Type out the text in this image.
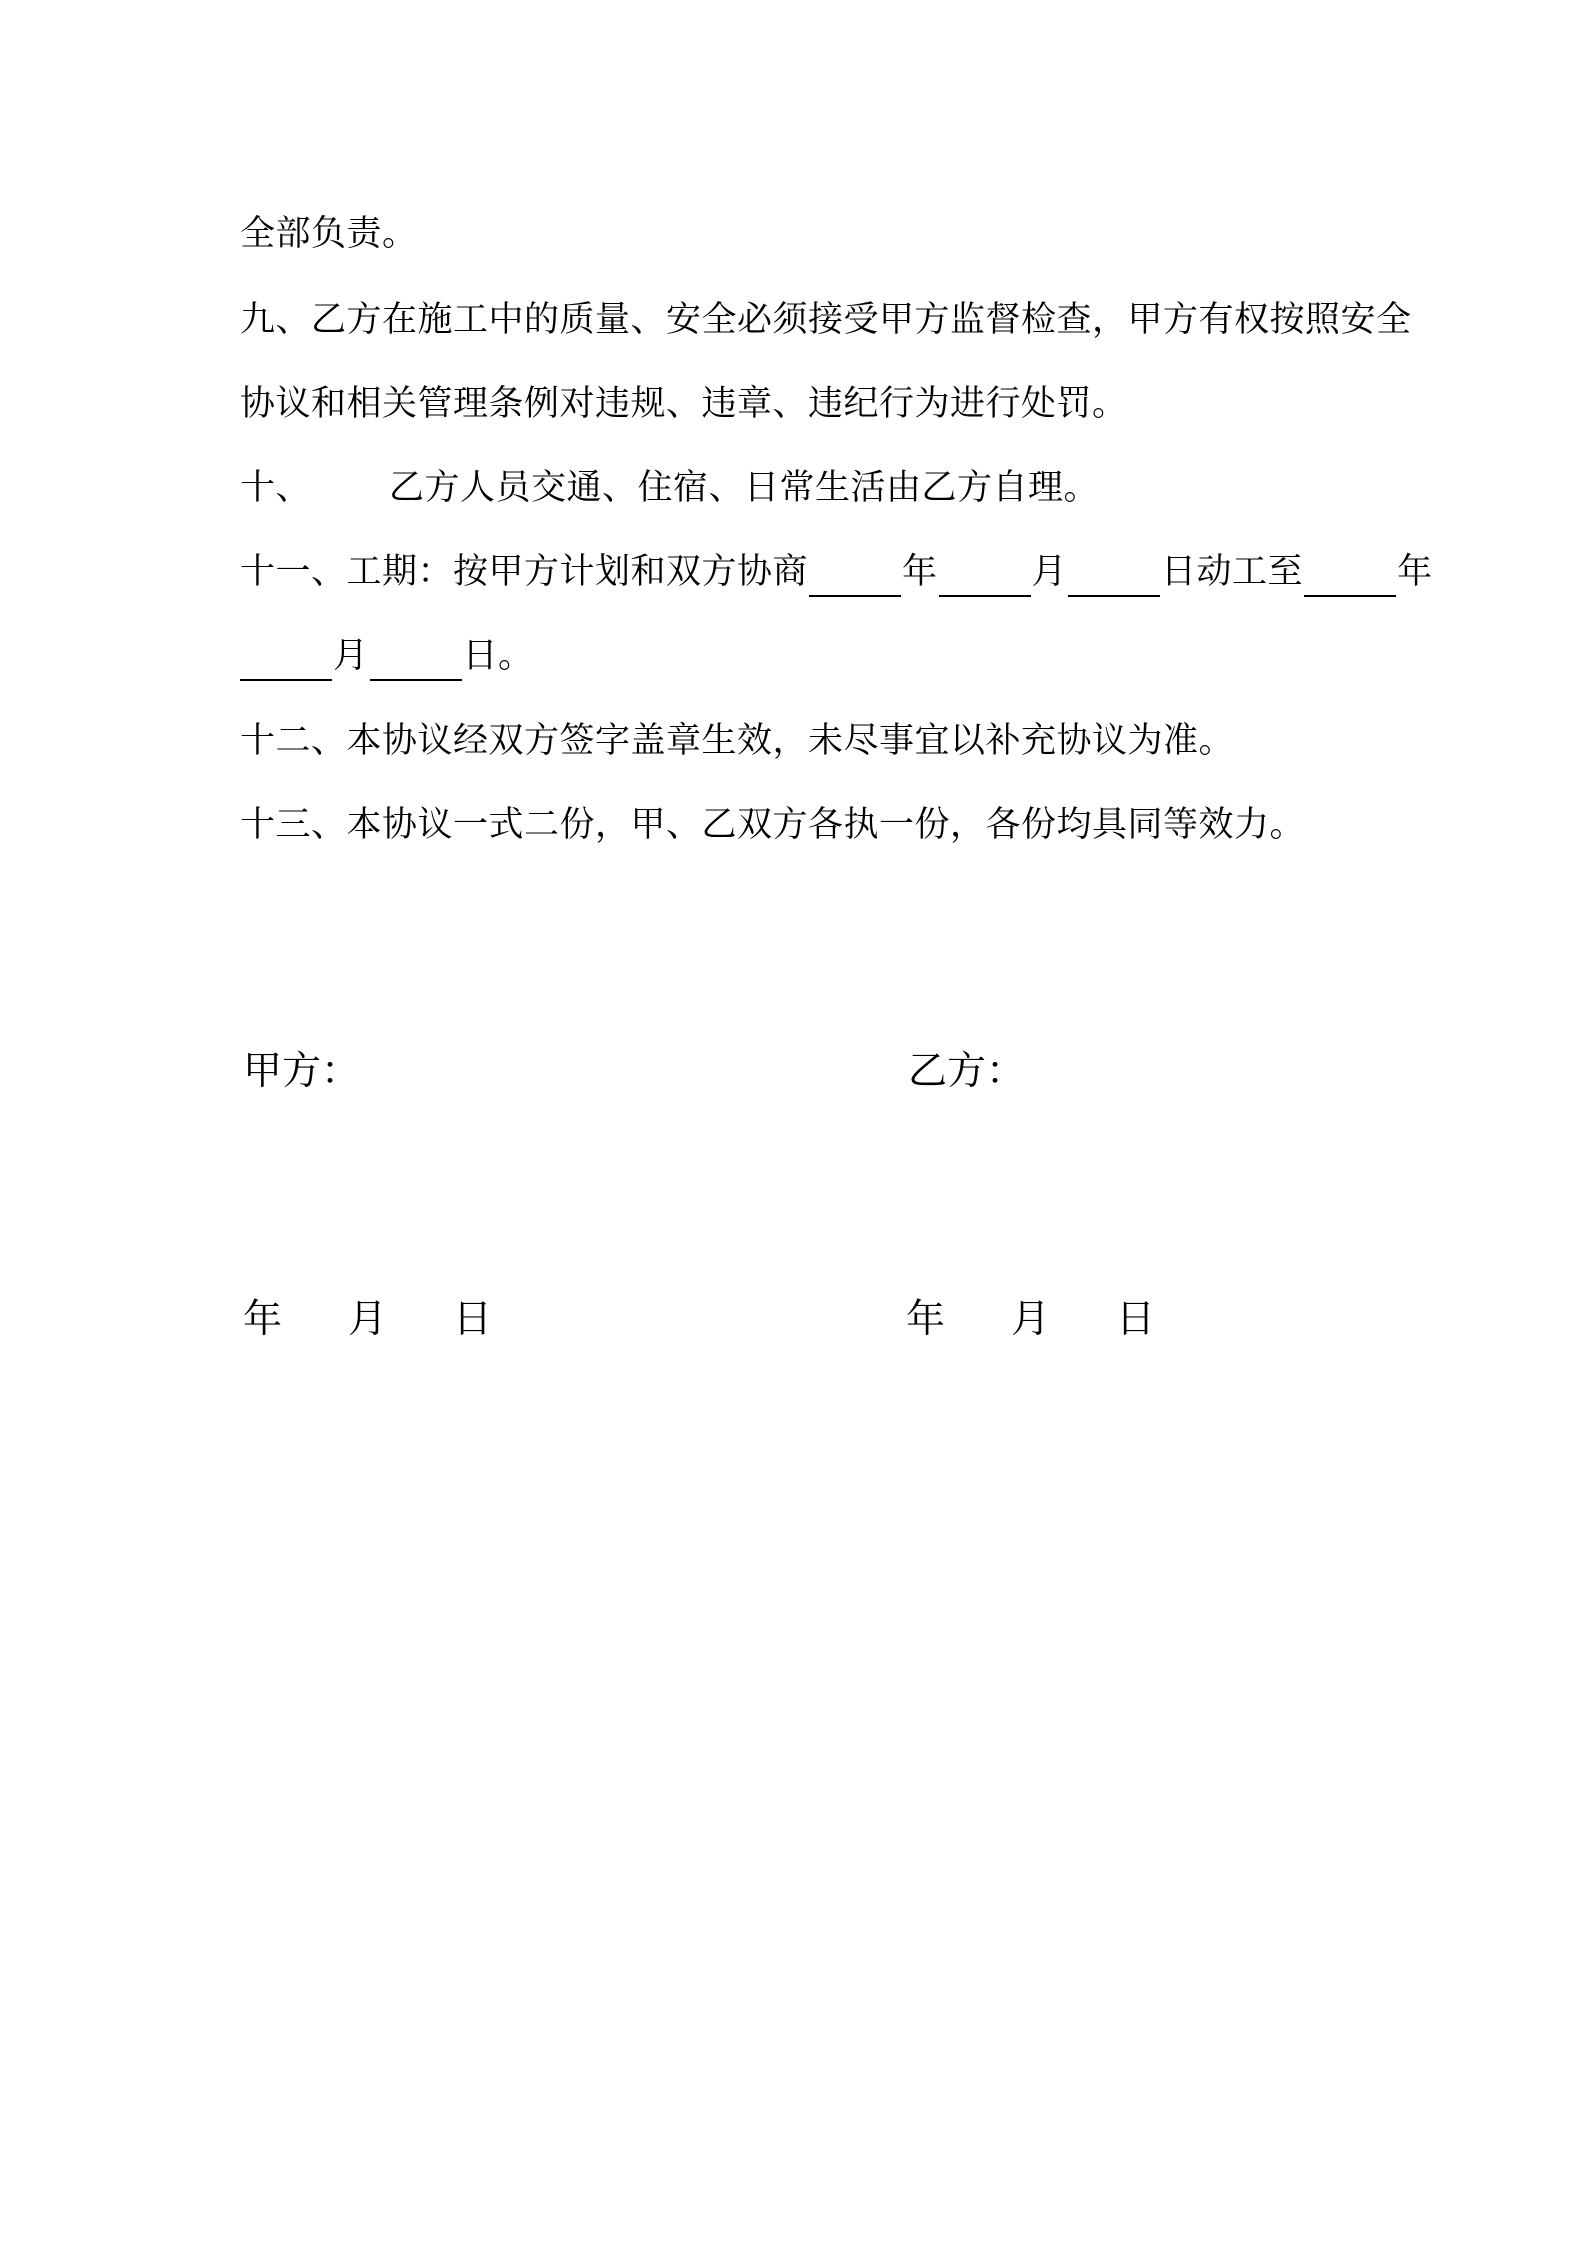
全部负责。
九、乙方在施工中的质量、安全必须接受甲方监督检查，甲方有权按照安全
协议和相关管理条例对违规、违章、违纪行为进行处罚。
十、 乙方人员交通、住宿、日常生活由乙方自理。
十一、工期：按甲方计划和双方协商	年	月	日动工至	年
月	日。
十二、本协议经双方签字盖章生效，未尽事宜以补充协议为准。
十三、本协议一式二份，甲、乙双方各执一份，各份均具同等效力。
甲方：	乙方：
年 月 日	年 月 日
